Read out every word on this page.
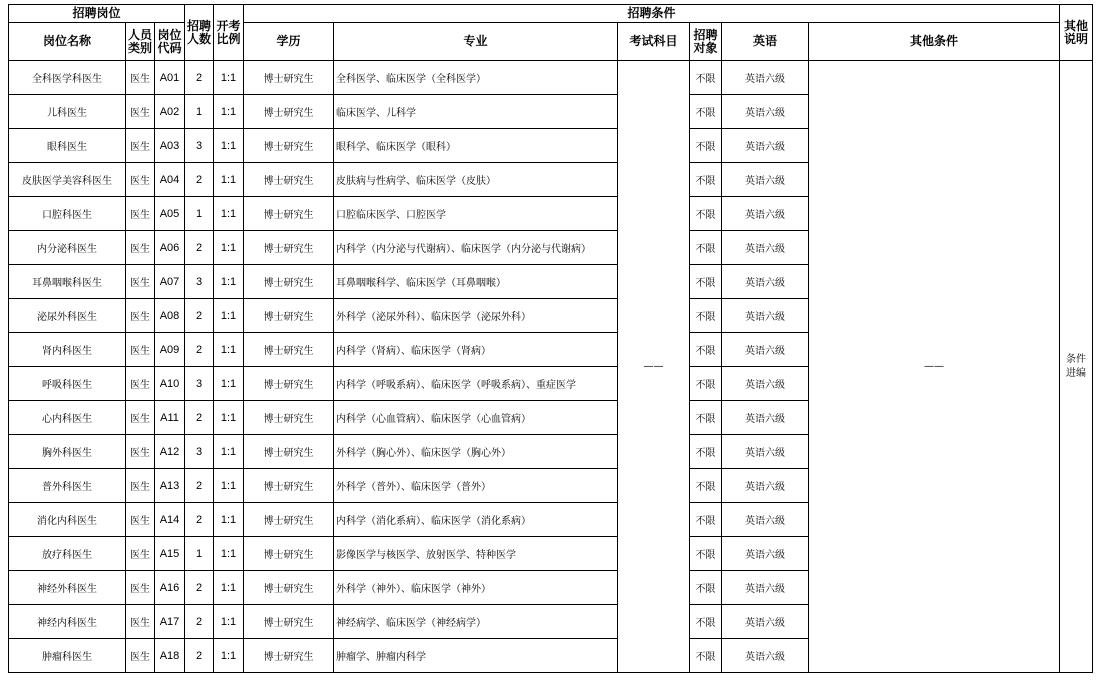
招聘岗位			招聘人数	开考比例	招聘条件						其他说明
岗位名称	人员类别	岗位代码			学历	专业	考试科目	招聘对象	英语	其他条件	
全科医学科医生	医生	A01	2	1:1	博士研究生	全科医学、临床医学（全科医学）	——	不限	英语六级	——	条件进编
儿科医生	医生	A02	1	1:1	博士研究生	临床医学、儿科学		不限	英语六级		
眼科医生	医生	A03	3	1:1	博士研究生	眼科学、临床医学（眼科）		不限	英语六级		
皮肤医学美容科医生	医生	A04	2	1:1	博士研究生	皮肤病与性病学、临床医学（皮肤）		不限	英语六级		
口腔科医生	医生	A05	1	1:1	博士研究生	口腔临床医学、口腔医学		不限	英语六级		
内分泌科医生	医生	A06	2	1:1	博士研究生	内科学（内分泌与代谢病）、临床医学（内分泌与代谢病）		不限	英语六级		
耳鼻咽喉科医生	医生	A07	3	1:1	博士研究生	耳鼻咽喉科学、临床医学（耳鼻咽喉）		不限	英语六级		
泌尿外科医生	医生	A08	2	1:1	博士研究生	外科学（泌尿外科）、临床医学（泌尿外科）		不限	英语六级		
肾内科医生	医生	A09	2	1:1	博士研究生	内科学（肾病）、临床医学（肾病）		不限	英语六级		
呼吸科医生	医生	A10	3	1:1	博士研究生	内科学（呼吸系病）、临床医学（呼吸系病）、重症医学		不限	英语六级		
心内科医生	医生	A11	2	1:1	博士研究生	内科学（心血管病）、临床医学（心血管病）		不限	英语六级		
胸外科医生	医生	A12	3	1:1	博士研究生	外科学（胸心外）、临床医学（胸心外）		不限	英语六级		
普外科医生	医生	A13	2	1:1	博士研究生	外科学（普外）、临床医学（普外）		不限	英语六级		
消化内科医生	医生	A14	2	1:1	博士研究生	内科学（消化系病）、临床医学（消化系病）		不限	英语六级		
放疗科医生	医生	A15	1	1:1	博士研究生	影像医学与核医学、放射医学、特种医学		不限	英语六级		
神经外科医生	医生	A16	2	1:1	博士研究生	外科学（神外）、临床医学（神外）		不限	英语六级		
神经内科医生	医生	A17	2	1:1	博士研究生	神经病学、临床医学（神经病学）		不限	英语六级		
肿瘤科医生	医生	A18	2	1:1	博士研究生	肿瘤学、肿瘤内科学		不限	英语六级		
